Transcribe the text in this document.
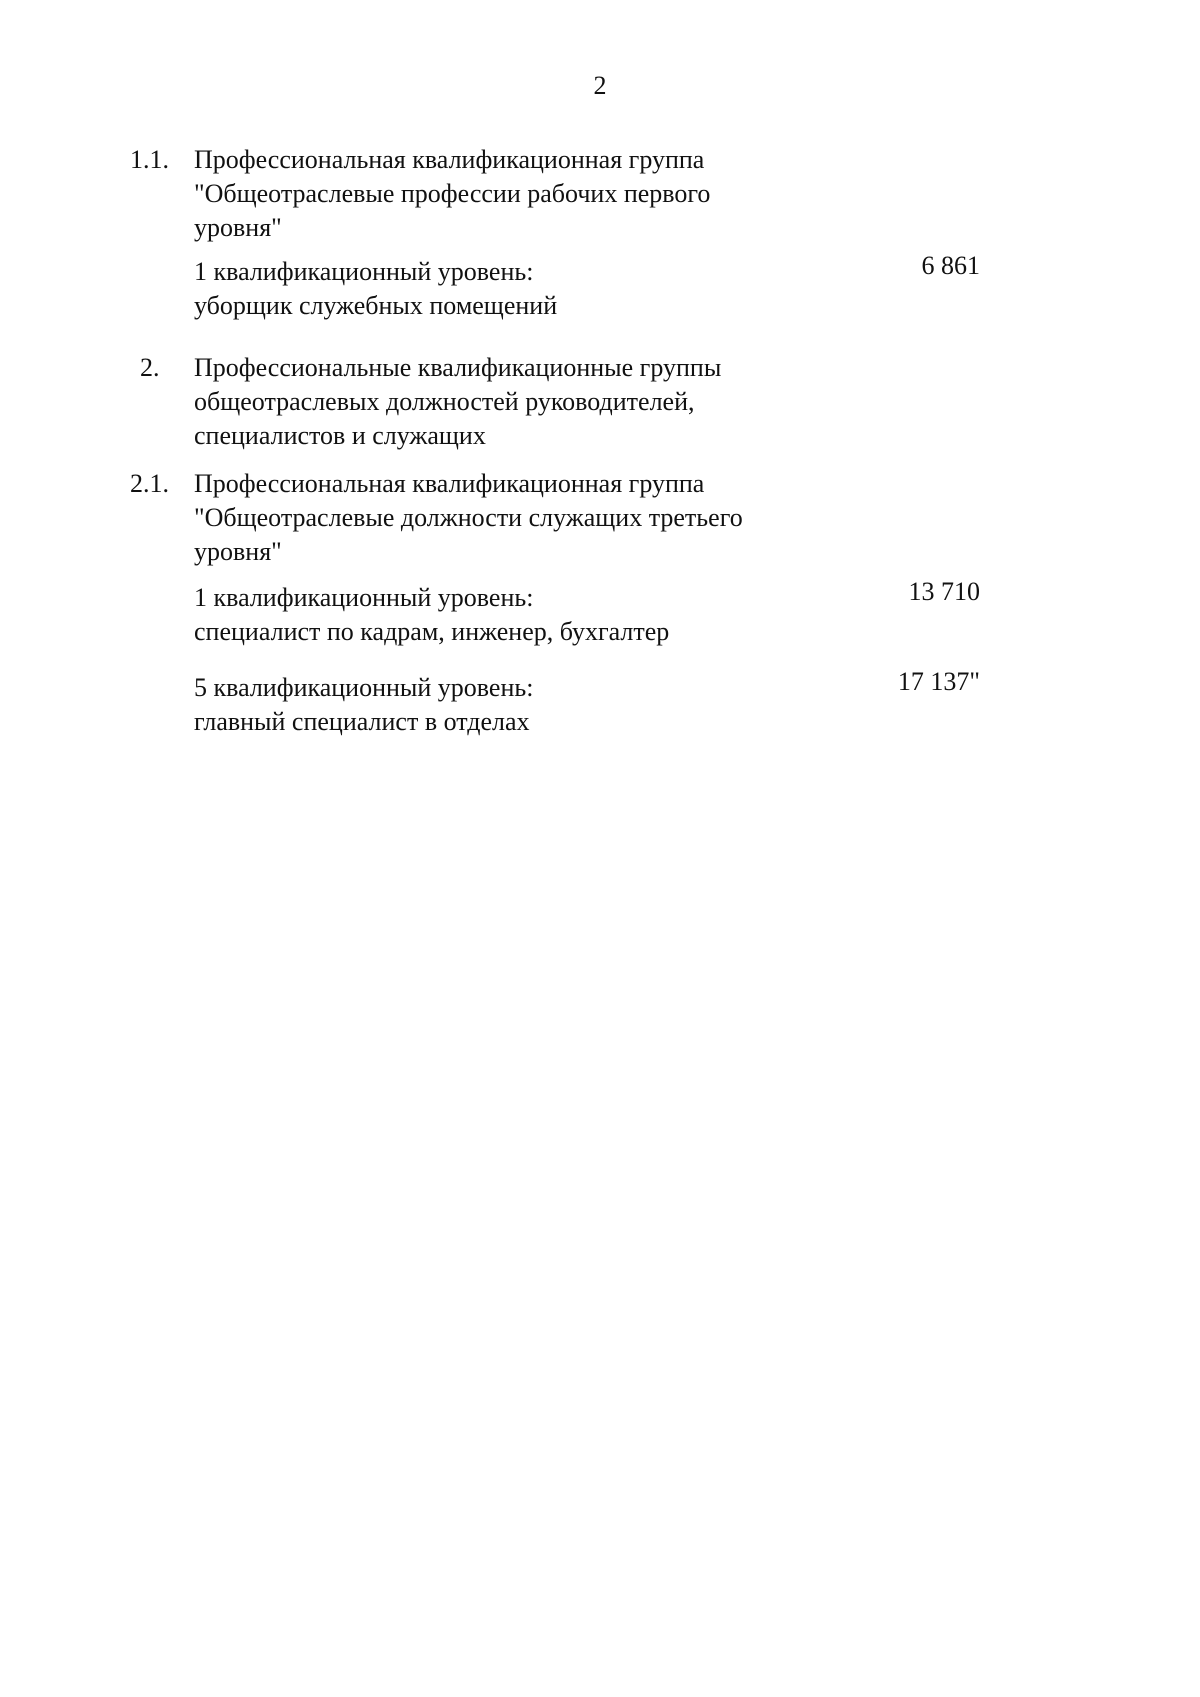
2
1.1. Профессиональная квалификационная группа
"Общеотраслевые профессии рабочих первого
уровня"
1 квалификационный уровень:
уборщик служебных помещений
6 861
2.	Профессиональные квалификационные группы
общеотраслевых должностей руководителей,
специалистов и служащих
2.1. Профессиональная квалификационная группа
"Общеотраслевые должности служащих третьего
уровня"
1 квалификационный уровень:
специалист по кадрам, инженер, бухгалтер
13 710
5 квалификационный уровень:
главный специалист в отделах
17 137"
